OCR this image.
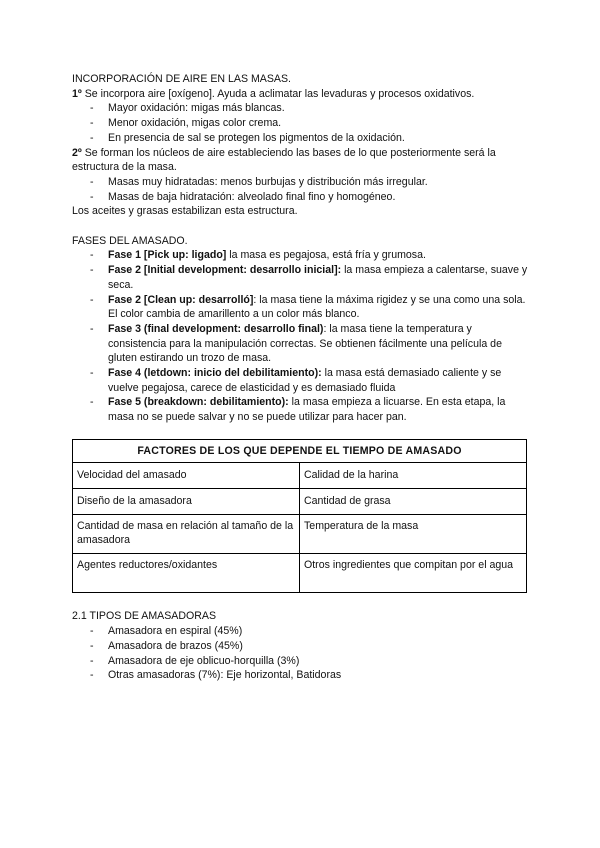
INCORPORACIÓN DE AIRE EN LAS MASAS.

1º Se incorpora aire [oxígeno]. Ayuda a aclimatar las levaduras y procesos oxidativos.

- Mayor oxidación: migas más blancas.
- Menor oxidación, migas color crema.
- En presencia de sal se protegen los pigmentos de la oxidación.

2º Se forman los núcleos de aire estableciendo las bases de lo que posteriormente será la estructura de la masa.

- Masas muy hidratadas: menos burbujas y distribución más irregular.
- Masas de baja hidratación: alveolado final fino y homogéneo.

Los aceites y grasas estabilizan esta estructura.

FASES DEL AMASADO.

- Fase 1 [Pick up: ligado] la masa es pegajosa, está fría y grumosa.
- Fase 2 [Initial development: desarrollo inicial]: la masa empieza a calentarse, suave y seca.
- Fase 2 [Clean up: desarrolló]: la masa tiene la máxima rigidez y se una como una sola. El color cambia de amarillento a un color más blanco.
- Fase 3 (final development: desarrollo final): la masa tiene la temperatura y consistencia para la manipulación correctas. Se obtienen fácilmente una película de gluten estirando un trozo de masa.
- Fase 4 (letdown: inicio del debilitamiento): la masa está demasiado caliente y se vuelve pegajosa, carece de elasticidad y es demasiado fluida
- Fase 5 (breakdown: debilitamiento): la masa empieza a licuarse. En esta etapa, la masa no se puede salvar y no se puede utilizar para hacer pan.
FACTORES DE LOS QUE DEPENDE EL TIEMPO DE AMASADO	
Velocidad del amasado	Calidad de la harina
Diseño de la amasadora	Cantidad de grasa
Cantidad de masa en relación al tamaño de la amasadora	Temperatura de la masa
Agentes reductores/oxidantes	Otros ingredientes que compitan por el agua

2.1 TIPOS DE AMASADORAS

- Amasadora en espiral (45%)
- Amasadora de brazos (45%)
- Amasadora de eje oblicuo-horquilla (3%)
- Otras amasadoras (7%): Eje horizontal, Batidoras
